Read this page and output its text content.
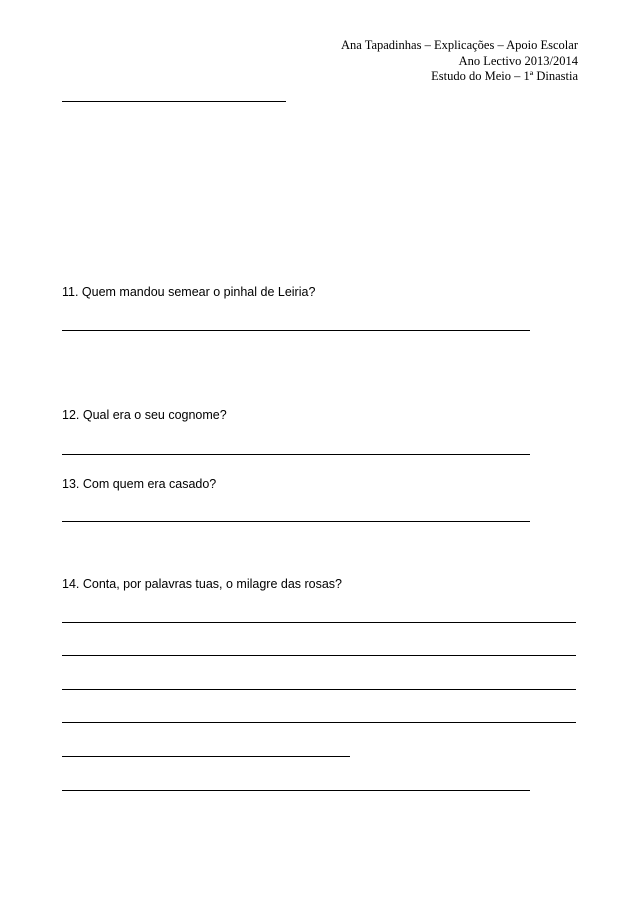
Ana Tapadinhas – Explicações – Apoio Escolar
Ano Lectivo 2013/2014
Estudo do Meio – 1ª Dinastia
11. Quem mandou semear o pinhal de Leiria?
12. Qual era o seu cognome?
13. Com quem era casado?
14. Conta, por palavras tuas, o milagre das rosas?
